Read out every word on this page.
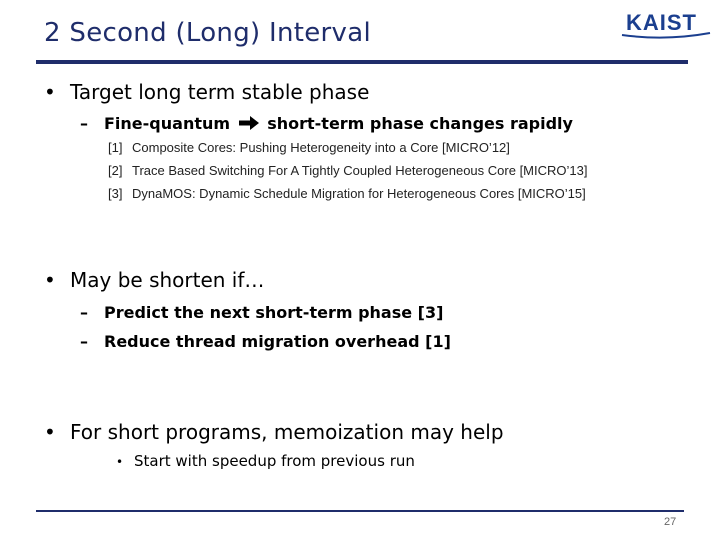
2 Second (Long) Interval	KAIST
• Target long term stable phase
– Fine-quantum short-term phase changes rapidly
[1] Composite Cores: Pushing Heterogeneity into a Core [MICRO’12]
[2] Trace Based Switching For A Tightly Coupled Heterogeneous Core [MICRO’13]
[3] DynaMOS: Dynamic Schedule Migration for Heterogeneous Cores [MICRO’15]
• May be shorten if…
– Predict the next short-term phase [3]
– Reduce thread migration overhead [1]
• For short programs, memoization may help
• Start with speedup from previous run
27
